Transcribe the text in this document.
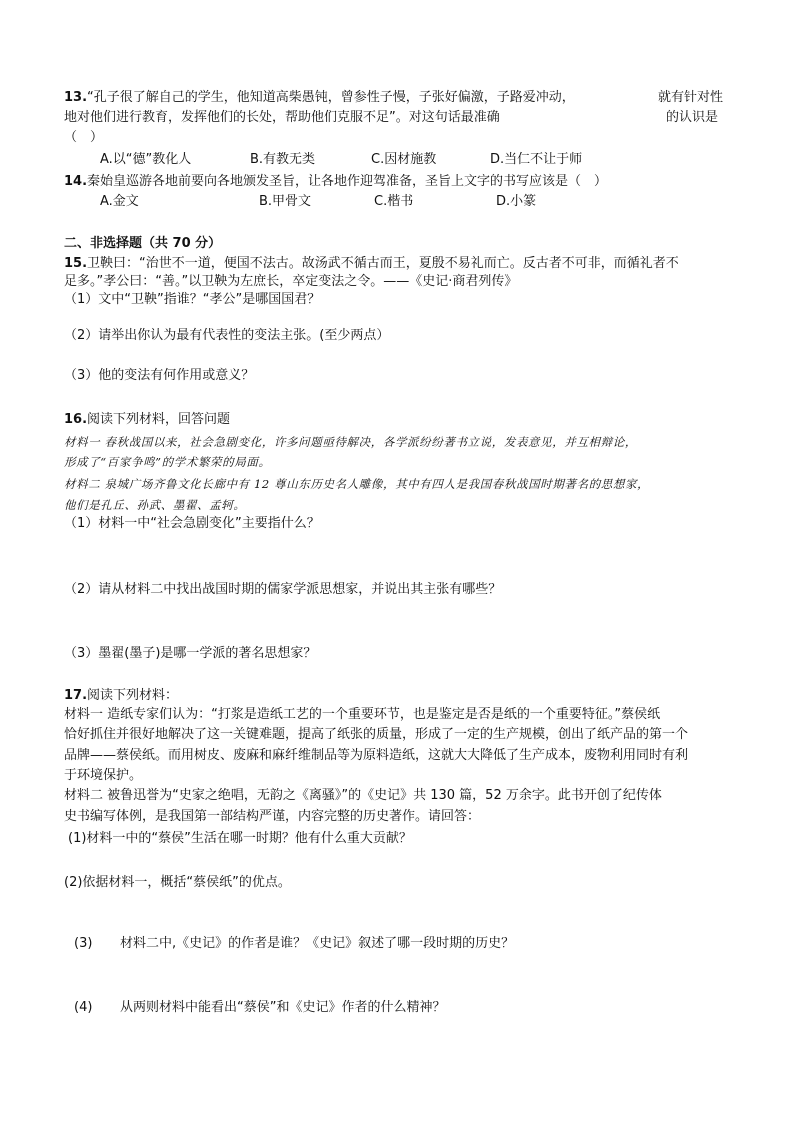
13.“孔子很了解自己的学生，他知道高柴愚钝，曾参性子慢，子张好偏激，子路爱冲动，	就有针对性
地对他们进行教育，发挥他们的长处，帮助他们克服不足”。对这句话最准确	的认识是
（　）
A.以“德”教化人	B.有教无类	C.因材施教	D.当仁不让于师
14.秦始皇巡游各地前要向各地颁发圣旨，让各地作迎驾准备，圣旨上文字的书写应该是（　）
A.金文	B.甲骨文	C.楷书	D.小篆
二、非选择题（共 70 分）
15.卫鞅曰：“治世不一道，便国不法古。故汤武不循古而王，夏殷不易礼而亡。反古者不可非，而循礼者不
足多。”孝公曰：“善。”以卫鞅为左庶长，卒定变法之令。——《史记·商君列传》
（1）文中“卫鞅”指谁？“孝公”是哪国国君？
（2）请举出你认为最有代表性的变法主张。(至少两点）
（3）他的变法有何作用或意义？
16.阅读下列材料，回答问题
材料一 春秋战国以来，社会急剧变化，许多问题亟待解决，各学派纷纷著书立说，发表意见，并互相辩论，
形成了“百家争鸣”的学术繁荣的局面。
材料二 泉城广场齐鲁文化长廊中有 12 尊山东历史名人雕像，其中有四人是我国春秋战国时期著名的思想家，
他们是孔丘、孙武、墨翟、孟轲。
（1）材料一中“社会急剧变化”主要指什么？
（2）请从材料二中找出战国时期的儒家学派思想家，并说出其主张有哪些？
（3）墨翟(墨子)是哪一学派的著名思想家？
17.阅读下列材料：
材料一 造纸专家们认为：“打浆是造纸工艺的一个重要环节，也是鉴定是否是纸的一个重要特征。”蔡侯纸
恰好抓住并很好地解决了这一关键难题，提高了纸张的质量，形成了一定的生产规模，创出了纸产品的第一个
品牌——蔡侯纸。而用树皮、废麻和麻纤维制品等为原料造纸，这就大大降低了生产成本，废物利用同时有利
于环境保护。
材料二 被鲁迅誉为“史家之绝唱，无韵之《离骚》”的《史记》共 130 篇，52 万余字。此书开创了纪传体
史书编写体例，是我国第一部结构严谨，内容完整的历史著作。请回答：
(1)材料一中的“蔡侯”生活在哪一时期？他有什么重大贡献？
(2)依据材料一，概括“蔡侯纸”的优点。
(3) 材料二中,《史记》的作者是谁？《史记》叙述了哪一段时期的历史？
(4) 从两则材料中能看出“蔡侯”和《史记》作者的什么精神？
